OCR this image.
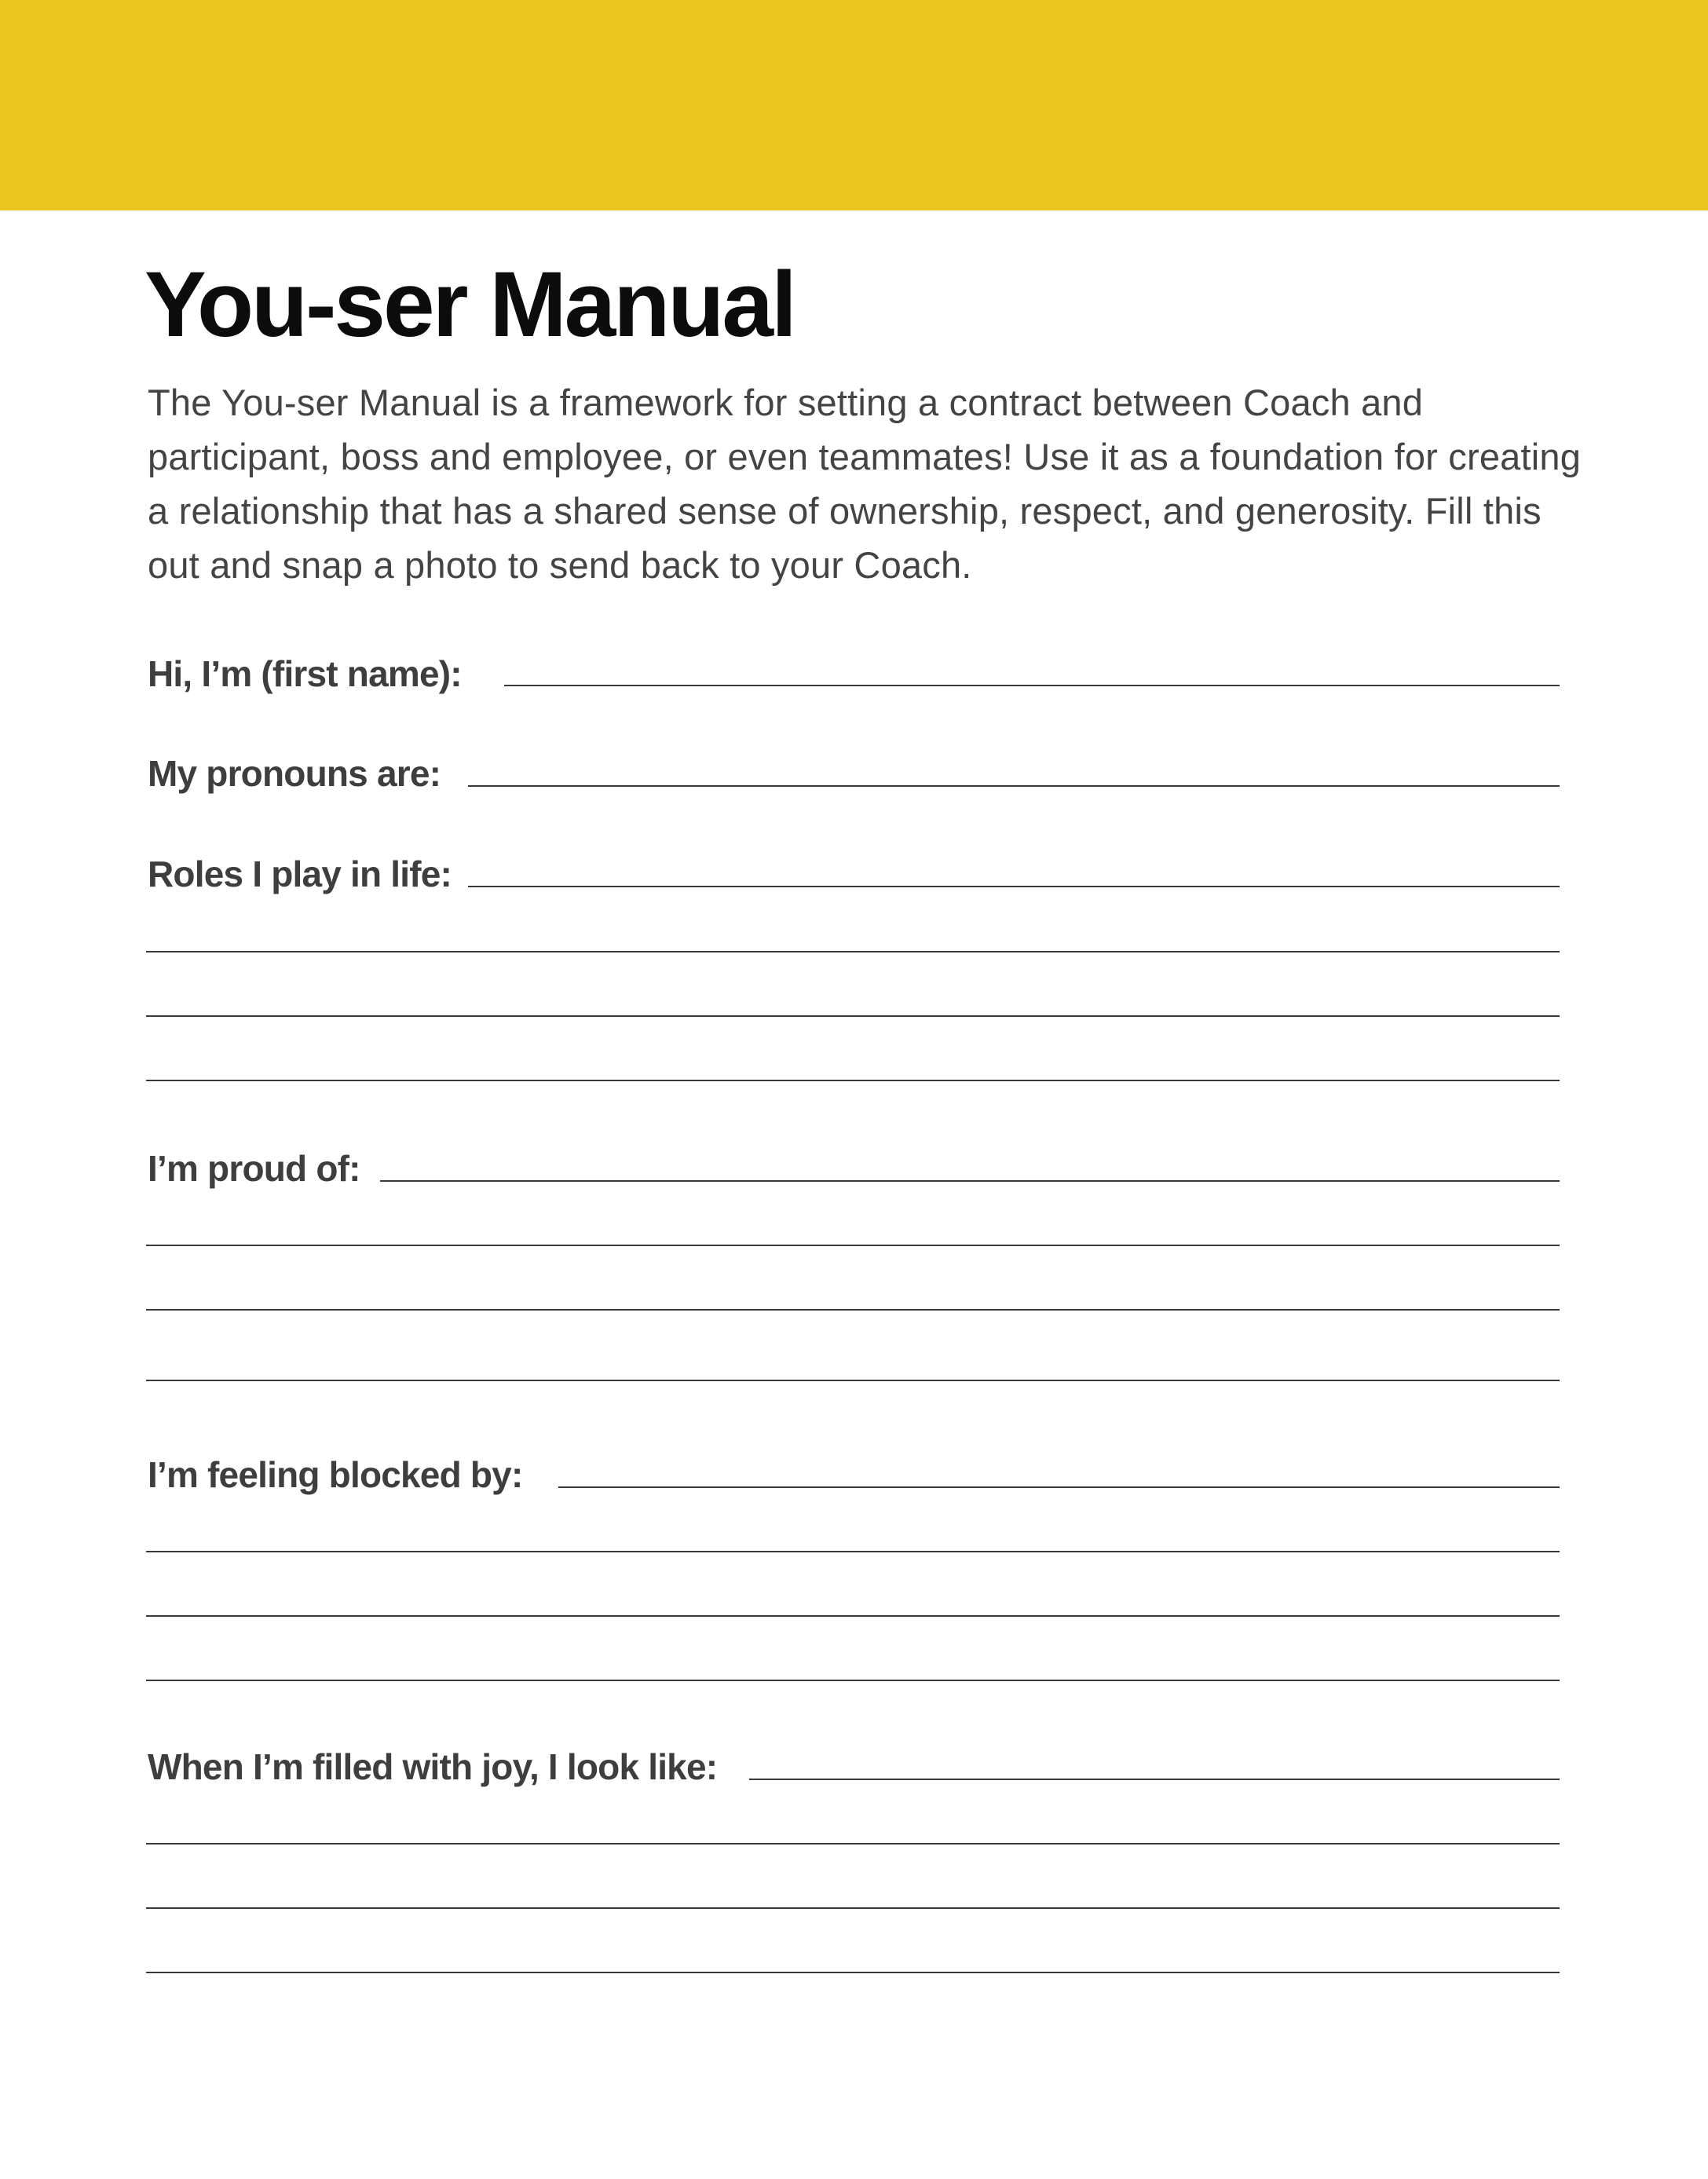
You-ser Manual

The You-ser Manual is a framework for setting a contract between Coach and participant, boss and employee, or even teammates! Use it as a foundation for creating a relationship that has a shared sense of ownership, respect, and generosity. Fill this out and snap a photo to send back to your Coach.

Hi, I’m (first name):
My pronouns are:
Roles I play in life:
I’m proud of:
I’m feeling blocked by:
When I’m filled with joy, I look like:
